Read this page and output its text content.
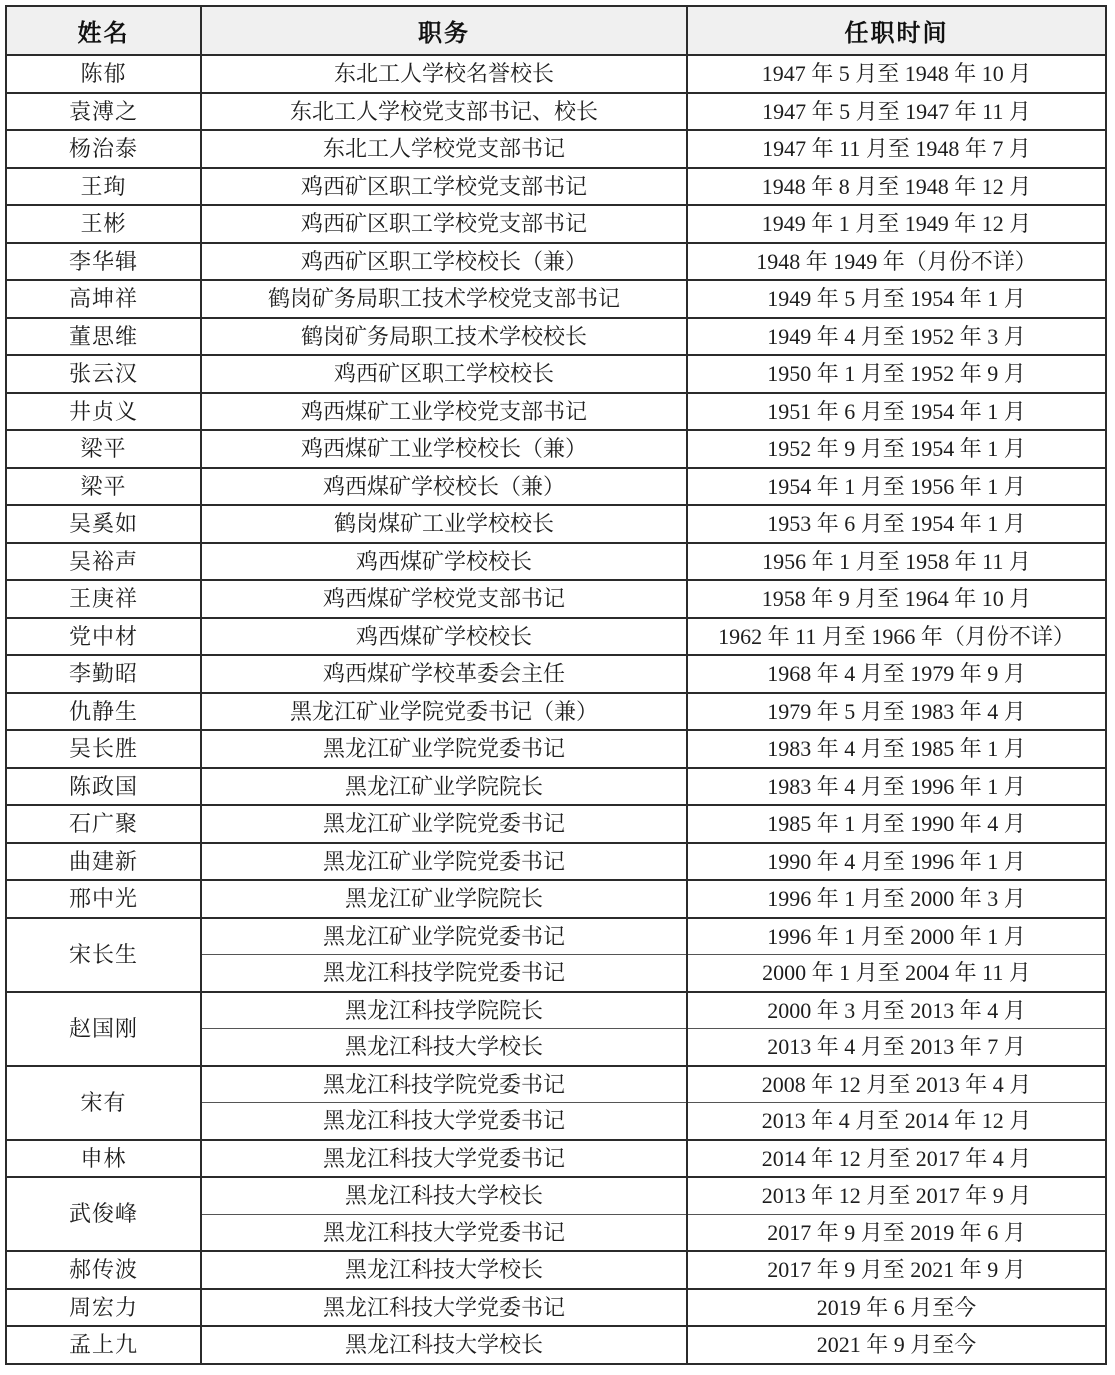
姓名	职务	任职时间
陈郁	东北工人学校名誉校长	1947 年 5 月至 1948 年 10 月
袁溥之	东北工人学校党支部书记、校长	1947 年 5 月至 1947 年 11 月
杨治泰	东北工人学校党支部书记	1947 年 11 月至 1948 年 7 月
王珣	鸡西矿区职工学校党支部书记	1948 年 8 月至 1948 年 12 月
王彬	鸡西矿区职工学校党支部书记	1949 年 1 月至 1949 年 12 月
李华辑	鸡西矿区职工学校校长（兼）	1948 年 1949 年（月份不详）
高坤祥	鹤岗矿务局职工技术学校党支部书记	1949 年 5 月至 1954 年 1 月
董思维	鹤岗矿务局职工技术学校校长	1949 年 4 月至 1952 年 3 月
张云汉	鸡西矿区职工学校校长	1950 年 1 月至 1952 年 9 月
井贞义	鸡西煤矿工业学校党支部书记	1951 年 6 月至 1954 年 1 月
梁平	鸡西煤矿工业学校校长（兼）	1952 年 9 月至 1954 年 1 月
梁平	鸡西煤矿学校校长（兼）	1954 年 1 月至 1956 年 1 月
吴奚如	鹤岗煤矿工业学校校长	1953 年 6 月至 1954 年 1 月
吴裕声	鸡西煤矿学校校长	1956 年 1 月至 1958 年 11 月
王庚祥	鸡西煤矿学校党支部书记	1958 年 9 月至 1964 年 10 月
党中材	鸡西煤矿学校校长	1962 年 11 月至 1966 年（月份不详）
李勤昭	鸡西煤矿学校革委会主任	1968 年 4 月至 1979 年 9 月
仇静生	黑龙江矿业学院党委书记（兼）	1979 年 5 月至 1983 年 4 月
吴长胜	黑龙江矿业学院党委书记	1983 年 4 月至 1985 年 1 月
陈政国	黑龙江矿业学院院长	1983 年 4 月至 1996 年 1 月
石广聚	黑龙江矿业学院党委书记	1985 年 1 月至 1990 年 4 月
曲建新	黑龙江矿业学院党委书记	1990 年 4 月至 1996 年 1 月
邢中光	黑龙江矿业学院院长	1996 年 1 月至 2000 年 3 月
宋长生	黑龙江矿业学院党委书记	1996 年 1 月至 2000 年 1 月
	黑龙江科技学院党委书记	2000 年 1 月至 2004 年 11 月
赵国刚	黑龙江科技学院院长	2000 年 3 月至 2013 年 4 月
	黑龙江科技大学校长	2013 年 4 月至 2013 年 7 月
宋有	黑龙江科技学院党委书记	2008 年 12 月至 2013 年 4 月
	黑龙江科技大学党委书记	2013 年 4 月至 2014 年 12 月
申林	黑龙江科技大学党委书记	2014 年 12 月至 2017 年 4 月
武俊峰	黑龙江科技大学校长	2013 年 12 月至 2017 年 9 月
	黑龙江科技大学党委书记	2017 年 9 月至 2019 年 6 月
郝传波	黑龙江科技大学校长	2017 年 9 月至 2021 年 9 月
周宏力	黑龙江科技大学党委书记	2019 年 6 月至今
孟上九	黑龙江科技大学校长	2021 年 9 月至今
